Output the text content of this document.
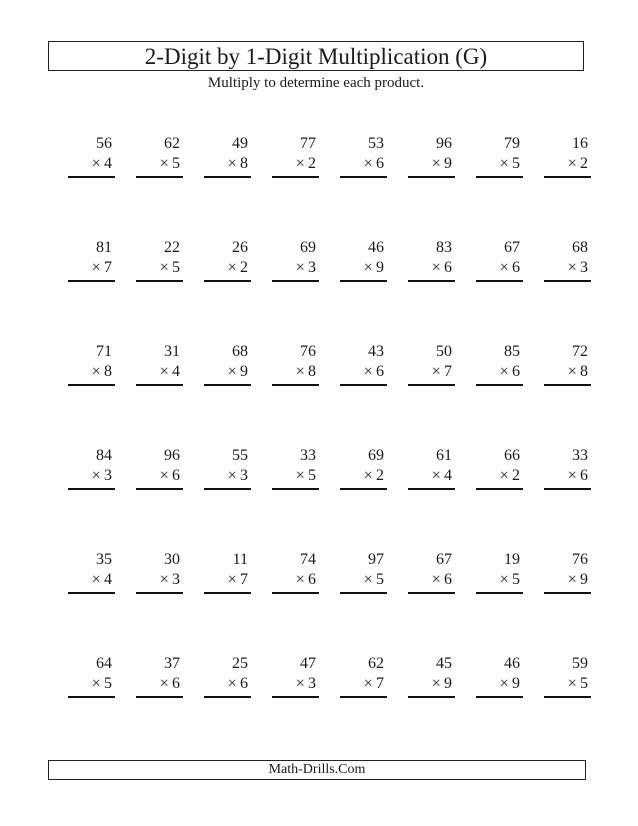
2-Digit by 1-Digit Multiplication (G)
Multiply to determine each product.
56
× 4
62
× 5
49
× 8
77
× 2
53
× 6
96
× 9
79
× 5
16
× 2
81
× 7
22
× 5
26
× 2
69
× 3
46
× 9
83
× 6
67
× 6
68
× 3
71
× 8
31
× 4
68
× 9
76
× 8
43
× 6
50
× 7
85
× 6
72
× 8
84
× 3
96
× 6
55
× 3
33
× 5
69
× 2
61
× 4
66
× 2
33
× 6
35
× 4
30
× 3
11
× 7
74
× 6
97
× 5
67
× 6
19
× 5
76
× 9
64
× 5
37
× 6
25
× 6
47
× 3
62
× 7
45
× 9
46
× 9
59
× 5
Math-Drills.Com
